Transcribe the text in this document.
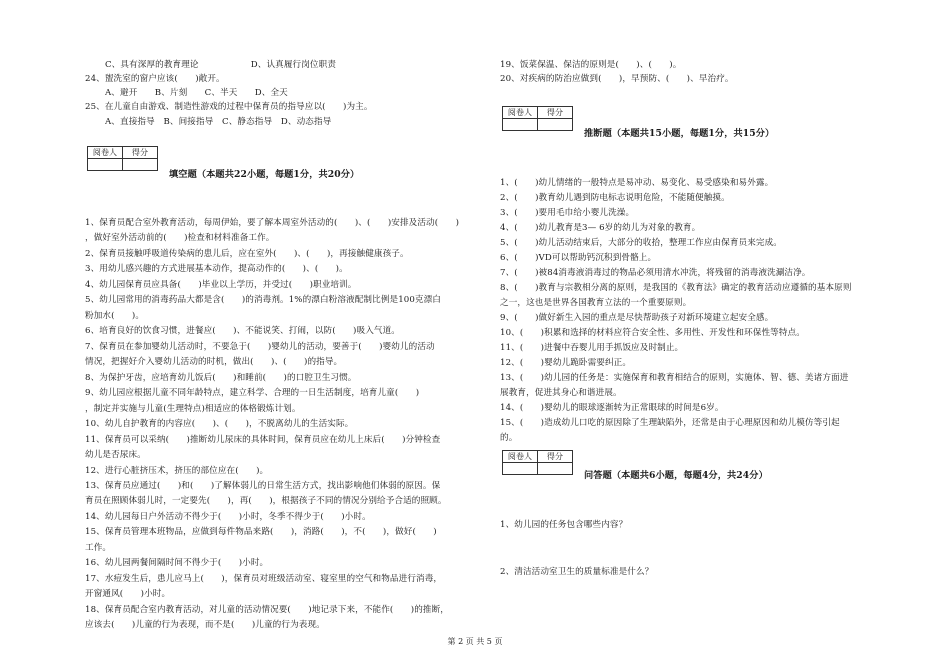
C、具有深厚的教育理论　　　　　　D、认真履行岗位职责
24、盥洗室的窗户应该(　　)敞开。
A、避开　　B、片刻　　C、半天　　D、全天
25、在儿童自由游戏、制造性游戏的过程中保育员的指导应以(　　)为主。
A、直接指导　B、间接指导　C、静态指导　D、动态指导
阅卷人	得分

填空题（本题共22小题，每题1分，共20分）
1、保育员配合室外教育活动，每周伊始，要了解本周室外活动的(　　)、(　　)安排及活动(　　)
，做好室外活动前的(　　)检查和材料准备工作。
2、保育员接触呼吸道传染病的患儿后，应在室外(　　)、(　　)，再接触健康孩子。
3、用幼儿感兴趣的方式进展基本动作，提高动作的(　　)、(　　)。
4、幼儿园保育员应具备(　　)毕业以上学历，并受过(　　)职业培训。
5、幼儿园常用的消毒药品大都是含(　　)的消毒剂。1%的漂白粉溶液配制比例是100克漂白
粉加水(　　)。
6、培育良好的饮食习惯，进餐应(　　)、不能说笑、打闹，以防(　　)吸入气道。
7、保育员在参加婴幼儿活动时，不要急于(　　)婴幼儿的活动，要善于(　　)婴幼儿的活动
情况，把握好介入婴幼儿活动的时机，做出(　　)、(　　)的指导。
8、为保护牙齿，应培育幼儿饭后(　　)和睡前(　　)的口腔卫生习惯。
9、幼儿园应根据儿童不同年龄特点，建立科学、合理的一日生活制度，培育儿童(　　)
，制定并实施与儿童(生理特点)相适应的体格锻炼计划。
10、幼儿自护教育的内容应(　　)、(　　)，不脱离幼儿的生活实际。
11、保育员可以采纳(　　)推断幼儿尿床的具体时间，保育员应在幼儿上床后(　　)分钟检查
幼儿是否尿床。
12、进行心脏挤压术，挤压的部位应在(　　)。
13、保育员应通过(　　)和(　　)了解体弱儿的日常生活方式，找出影响他们体弱的原因。保
育员在照顾体弱儿时，一定要先(　　)，再(　　)，根据孩子不同的情况分别给予合适的照顾。
14、幼儿园每日户外活动不得少于(　　)小时，冬季不得少于(　　)小时。
15、保育员管理本班物品，应做到每件物品来路(　　)，消路(　　)，不(　　)，做好(　　)
工作。
16、幼儿园两餐间隔时间不得少于(　　)小时。
17、水痘发生后，患儿应马上(　　)，保育员对班级活动室、寝室里的空气和物品进行消毒，
开窗通风(　　)小时。
18、保育员配合室内教育活动，对儿童的活动情况要(　　)地记录下来，不能作(　　)的推断，
应该去(　　)儿童的行为表现，而不是(　　)儿童的行为表现。
19、饭菜保温、保洁的原则是(　　)、(　　)。
20、对疾病的防治应做到(　　)，早预防、(　　)、早治疗。
阅卷人	得分

推断题（本题共15小题，每题1分，共15分）
1、(　　)幼儿情绪的一般特点是易冲动、易变化、易受感染和易外露。
2、(　　)教育幼儿遇到防电标志说明危险，不能随便触摸。
3、(　　)要用毛巾给小婴儿洗澡。
4、(　　)幼儿教育是3— 6岁的幼儿为对象的教育。
5、(　　)幼儿活动结束后，大部分的收拾，整理工作应由保育员来完成。
6、(　　)VD可以帮助钙沉积到骨骼上。
7、(　　)被84消毒液消毒过的物品必须用清水冲洗，将残留的消毒液洗涮洁净。
8、(　　)教育与宗教相分离的原则，是我国的《教育法》确定的教育活动应遵循的基本原则
之一，这也是世界各国教育立法的一个重要原则。
9、(　　)做好新生入园的重点是尽快帮助孩子对新环境建立起安全感。
10、(　　)积累和选择的材料应符合安全性、多用性、开发性和环保性等特点。
11、(　　)进餐中吞婴儿用手抓饭应及时制止。
12、(　　)婴幼儿跪卧需要纠正。
13、(　　)幼儿园的任务是：实施保育和教育相结合的原则，实施体、智、德、美诸方面进
展教育，促进其身心和谐进展。
14、(　　)婴幼儿的眼球逐渐转为正常眼球的时间是6岁。
15、(　　)造成幼儿口吃的原因除了生理缺陷外，还常是由于心理原因和幼儿模仿等引起
的。
阅卷人	得分

问答题（本题共6小题，每题4分，共24分）
1、幼儿园的任务包含哪些内容？
2、清洁活动室卫生的质量标准是什么？
第 2 页 共 5 页
